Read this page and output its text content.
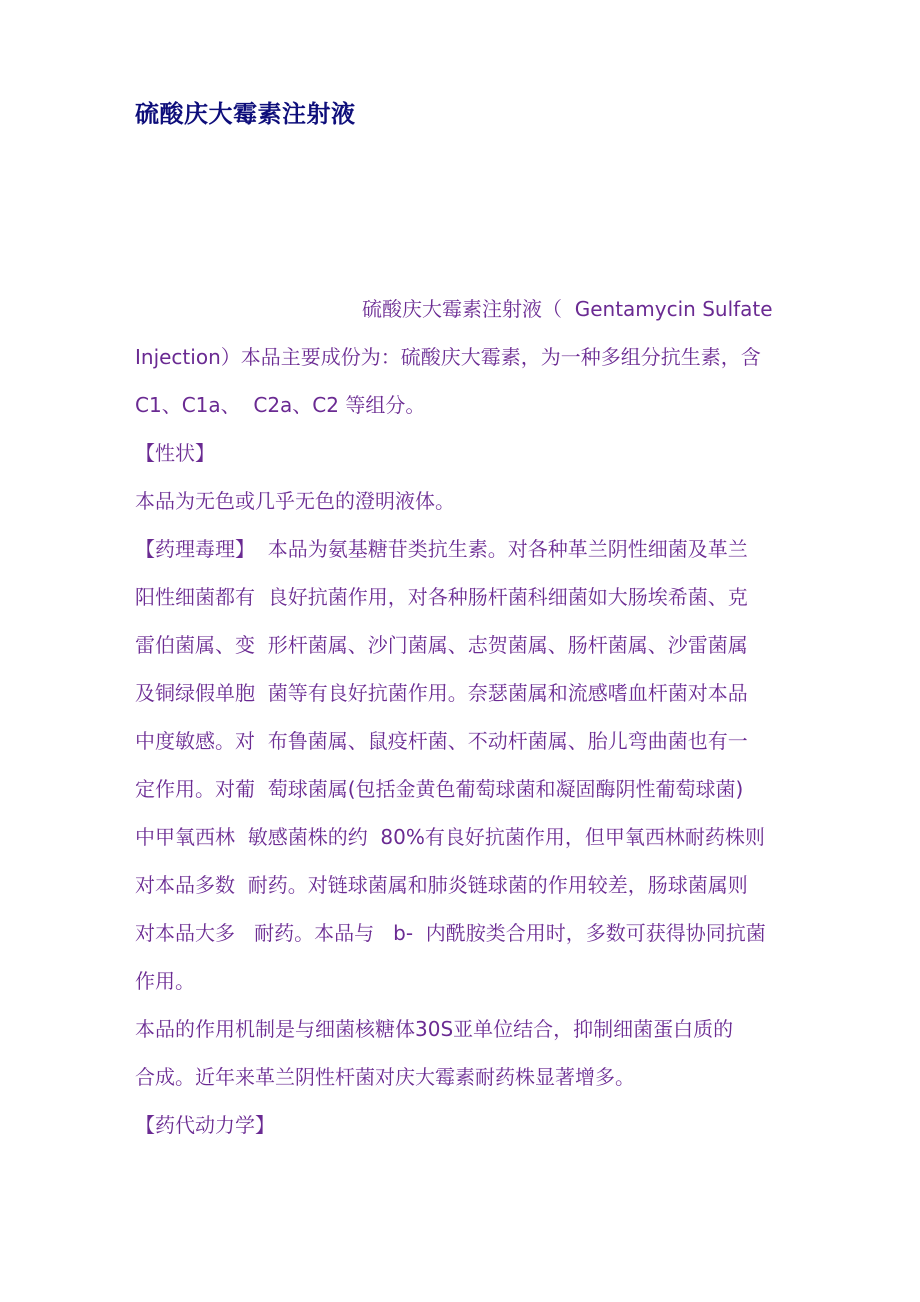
硫酸庆大霉素注射液

硫酸庆大霉素注射液（  Gentamycin Sulfate

Injection）本品主要成份为：硫酸庆大霉素，为一种多组分抗生素，含

C1、C1a、  C2a、C2 等组分。

【性状】

本品为无色或几乎无色的澄明液体。

【药理毒理】  本品为氨基糖苷类抗生素。对各种革兰阴性细菌及革兰

阳性细菌都有  良好抗菌作用，对各种肠杆菌科细菌如大肠埃希菌、克

雷伯菌属、变  形杆菌属、沙门菌属、志贺菌属、肠杆菌属、沙雷菌属

及铜绿假单胞  菌等有良好抗菌作用。奈瑟菌属和流感嗜血杆菌对本品

中度敏感。对  布鲁菌属、鼠疫杆菌、不动杆菌属、胎儿弯曲菌也有一

定作用。对葡  萄球菌属(包括金黄色葡萄球菌和凝固酶阴性葡萄球菌)

中甲氧西林  敏感菌株的约  80%有良好抗菌作用，但甲氧西林耐药株则

对本品多数  耐药。对链球菌属和肺炎链球菌的作用较差，肠球菌属则

对本品大多   耐药。本品与   b-  内酰胺类合用时，多数可获得协同抗菌

作用。

本品的作用机制是与细菌核糖体30S亚单位结合，抑制细菌蛋白质的

合成。近年来革兰阴性杆菌对庆大霉素耐药株显著增多。

【药代动力学】
